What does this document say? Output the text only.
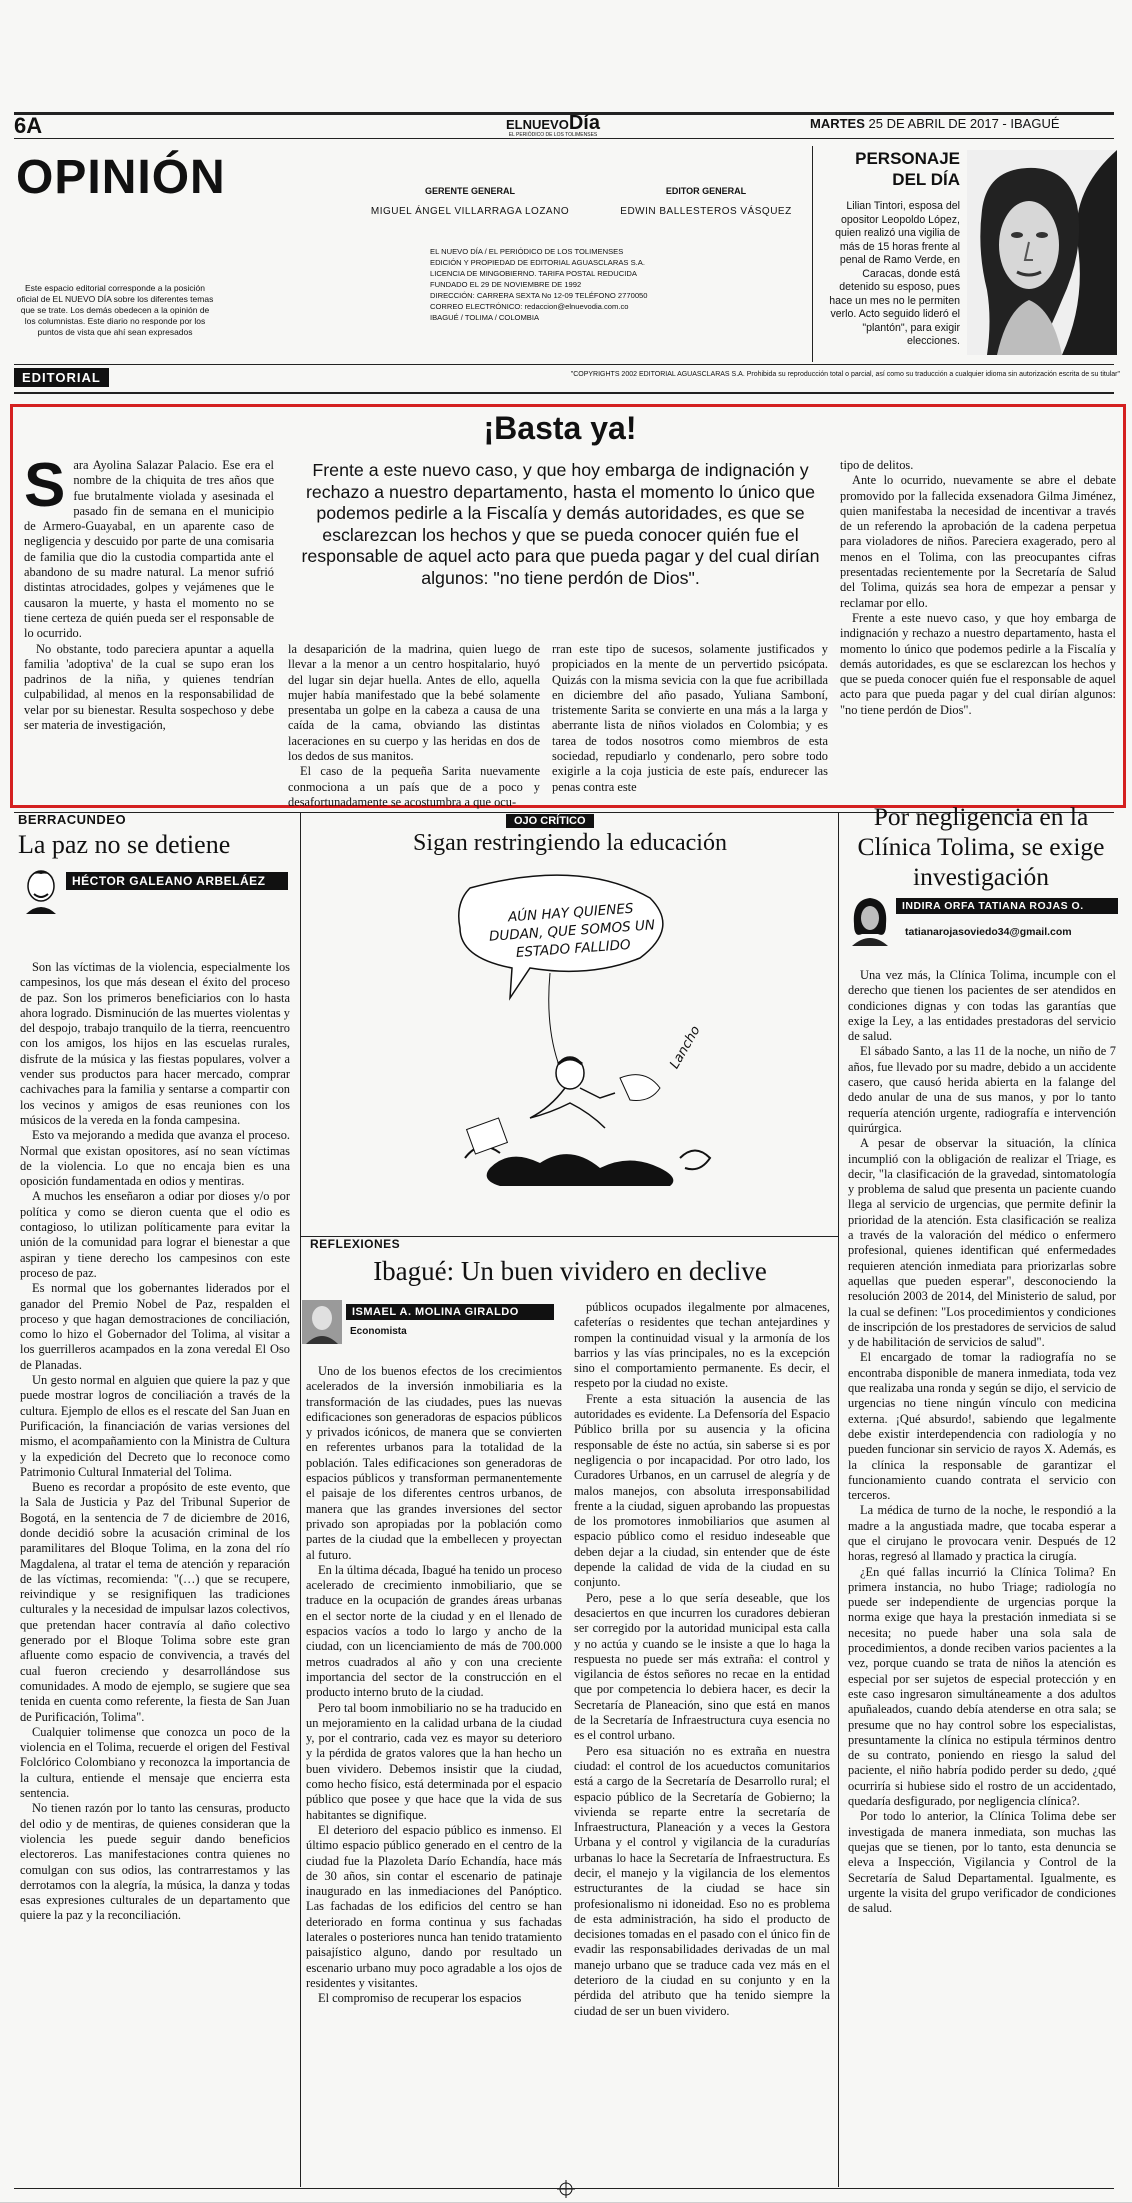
6A	ELNUEVODía
EL PERIÓDICO DE LOS TOLIMENSES
MARTES 25 DE ABRIL DE 2017 - IBAGUÉ
OPINIÓN	GERENTE GENERAL
MIGUEL ÁNGEL VILLARRAGA LOZANO
EDITOR GENERAL
EDWIN BALLESTEROS VÁSQUEZ
Este espacio editorial corresponde a la posición oficial de EL NUEVO DÍA sobre los diferentes temas que se trate. Los demás obedecen a la opinión de los columnistas. Este diario no responde por los puntos de vista que ahí sean expresados
EL NUEVO DÍA / EL PERIÓDICO DE LOS TOLIMENSES
EDICIÓN Y PROPIEDAD DE EDITORIAL AGUASCLARAS S.A.
LICENCIA DE MINGOBIERNO. TARIFA POSTAL REDUCIDA
FUNDADO EL 29 DE NOVIEMBRE DE 1992
DIRECCIÓN: CARRERA SEXTA No 12-09 TELÉFONO 2770050
CORREO ELECTRÓNICO: redaccion@elnuevodia.com.co
IBAGUÉ / TOLIMA / COLOMBIA
PERSONAJE
DEL DÍA
Lilian Tintori, esposa del opositor Leopoldo López, quien realizó una vigilia de más de 15 horas frente al penal de Ramo Verde, en Caracas, donde está detenido su esposo, pues hace un mes no le permiten verlo. Acto seguido lideró el "plantón", para exigir elecciones.
EDITORIAL	"COPYRIGHTS 2002 EDITORIAL AGUASCLARAS S.A. Prohibida su reproducción total o parcial, así como su traducción a cualquier idioma sin autorización escrita de su titular"
¡Basta ya!
Frente a este nuevo caso, y que hoy embarga de indignación y rechazo a nuestro departamento, hasta el momento lo único que podemos pedirle a la Fiscalía y demás autoridades, es que se esclarezcan los hechos y que se pueda conocer quién fue el responsable de aquel acto para que pueda pagar y del cual dirían algunos: "no tiene perdón de Dios".
S ara Ayolina Salazar Palacio. Ese era el nombre de la chiquita de tres años que fue brutalmente violada y asesinada el pasado fin de semana en el municipio de Armero-Guayabal, en un aparente caso de negligencia y descuido por parte de una comisaria de familia que dio la custodia compartida ante el abandono de su madre natural. La menor sufrió distintas atrocidades, golpes y vejámenes que le causaron la muerte, y hasta el momento no se tiene certeza de quién pueda ser el responsable de lo ocurrido.

No obstante, todo pareciera apuntar a aquella familia 'adoptiva' de la cual se supo eran los padrinos de la niña, y quienes tendrían culpabilidad, al menos en la responsabilidad de velar por su bienestar. Resulta sospechoso y debe ser materia de investigación,

la desaparición de la madrina, quien luego de llevar a la menor a un centro hospitalario, huyó del lugar sin dejar huella. Antes de ello, aquella mujer había manifestado que la bebé solamente presentaba un golpe en la cabeza a causa de una caída de la cama, obviando las distintas laceraciones en su cuerpo y las heridas en dos de los dedos de sus manitos.

El caso de la pequeña Sarita nuevamente conmociona a un país que de a poco y desafortunadamente se acostumbra a que ocu-

rran este tipo de sucesos, solamente justificados y propiciados en la mente de un pervertido psicópata. Quizás con la misma sevicia con la que fue acribillada en diciembre del año pasado, Yuliana Samboní, tristemente Sarita se convierte en una más a la larga y aberrante lista de niños violados en Colombia; y es tarea de todos nosotros como miembros de esta sociedad, repudiarlo y condenarlo, pero sobre todo exigirle a la coja justicia de este país, endurecer las penas contra este
tipo de delitos.

Ante lo ocurrido, nuevamente se abre el debate promovido por la fallecida exsenadora Gilma Jiménez, quien manifestaba la necesidad de incentivar a través de un referendo la aprobación de la cadena perpetua para violadores de niños. Pareciera exagerado, pero al menos en el Tolima, con las preocupantes cifras presentadas recientemente por la Secretaría de Salud del Tolima, quizás sea hora de empezar a pensar y reclamar por ello.

Frente a este nuevo caso, y que hoy embarga de indignación y rechazo a nuestro departamento, hasta el momento lo único que podemos pedirle a la Fiscalía y demás autoridades, es que se esclarezcan los hechos y que se pueda conocer quién fue el responsable de aquel acto para que pueda pagar y del cual dirían algunos: "no tiene perdón de Dios".

BERRACUNDEO
La paz no se detiene
HÉCTOR GALEANO ARBELÁEZ

Son las víctimas de la violencia, especialmente los campesinos, los que más desean el éxito del proceso de paz. Son los primeros beneficiarios con lo hasta ahora logrado. Disminución de las muertes violentas y del despojo, trabajo tranquilo de la tierra, reencuentro con los amigos, los hijos en las escuelas rurales, disfrute de la música y las fiestas populares, volver a vender sus productos para hacer mercado, comprar cachivaches para la familia y sentarse a compartir con los vecinos y amigos de esas reuniones con los músicos de la vereda en la fonda campesina.

Esto va mejorando a medida que avanza el proceso. Normal que existan opositores, así no sean víctimas de la violencia. Lo que no encaja bien es una oposición fundamentada en odios y mentiras.

A muchos les enseñaron a odiar por dioses y/o por política y como se dieron cuenta que el odio es contagioso, lo utilizan políticamente para evitar la unión de la comunidad para lograr el bienestar a que aspiran y tiene derecho los campesinos con este proceso de paz.

Es normal que los gobernantes liderados por el ganador del Premio Nobel de Paz, respalden el proceso y que hagan demostraciones de conciliación, como lo hizo el Gobernador del Tolima, al visitar a los guerrilleros acampados en la zona veredal El Oso de Planadas.

Un gesto normal en alguien que quiere la paz y que puede mostrar logros de conciliación a través de la cultura. Ejemplo de ellos es el rescate del San Juan en Purificación, la financiación de varias versiones del mismo, el acompañamiento con la Ministra de Cultura y la expedición del Decreto que lo reconoce como Patrimonio Cultural Inmaterial del Tolima.

Bueno es recordar a propósito de este evento, que la Sala de Justicia y Paz del Tribunal Superior de Bogotá, en la sentencia de 7 de diciembre de 2016, donde decidió sobre la acusación criminal de los paramilitares del Bloque Tolima, en la zona del río Magdalena, al tratar el tema de atención y reparación de las víctimas, recomienda: "(…) que se recupere, reivindique y se resignifiquen las tradiciones culturales y la necesidad de impulsar lazos colectivos, que pretendan hacer contravía al daño colectivo generado por el Bloque Tolima sobre este gran afluente como espacio de convivencia, a través del cual fueron creciendo y desarrollándose sus comunidades. A modo de ejemplo, se sugiere que sea tenida en cuenta como referente, la fiesta de San Juan de Purificación, Tolima".

Cualquier tolimense que conozca un poco de la violencia en el Tolima, recuerde el origen del Festival Folclórico Colombiano y reconozca la importancia de la cultura, entiende el mensaje que encierra esta sentencia.

No tienen razón por lo tanto las censuras, producto del odio y de mentiras, de quienes consideran que la violencia les puede seguir dando beneficios electoreros. Las manifestaciones contra quienes no comulgan con sus odios, las contrarrestamos y las derrotamos con la alegría, la música, la danza y todas esas expresiones culturales de un departamento que quiere la paz y la reconciliación.

OJO CRÍTICO
Sigan restringiendo la educación
AÚN HAY QUIENES DUDAN, QUE SOMOS UN ESTADO FALLIDO
Lancho
REFLEXIONES
Ibagué: Un buen vividero en declive
ISMAEL A. MOLINA GIRALDO
Economista

Uno de los buenos efectos de los crecimientos acelerados de la inversión inmobiliaria es la transformación de las ciudades, pues las nuevas edificaciones son generadoras de espacios públicos y privados icónicos, de manera que se convierten en referentes urbanos para la totalidad de la población. Tales edificaciones son generadoras de espacios públicos y transforman permanentemente el paisaje de los diferentes centros urbanos, de manera que las grandes inversiones del sector privado son apropiadas por la población como partes de la ciudad que la embellecen y proyectan al futuro.

En la última década, Ibagué ha tenido un proceso acelerado de crecimiento inmobiliario, que se traduce en la ocupación de grandes áreas urbanas en el sector norte de la ciudad y en el llenado de espacios vacíos a todo lo largo y ancho de la ciudad, con un licenciamiento de más de 700.000 metros cuadrados al año y con una creciente importancia del sector de la construcción en el producto interno bruto de la ciudad.

Pero tal boom inmobiliario no se ha traducido en un mejoramiento en la calidad urbana de la ciudad y, por el contrario, cada vez es mayor su deterioro y la pérdida de gratos valores que la han hecho un buen vividero. Debemos insistir que la ciudad, como hecho físico, está determinada por el espacio público que posee y que hace que la vida de sus habitantes se dignifique.

El deterioro del espacio público es inmenso. El último espacio público generado en el centro de la ciudad fue la Plazoleta Darío Echandía, hace más de 30 años, sin contar el escenario de patinaje inaugurado en las inmediaciones del Panóptico. Las fachadas de los edificios del centro se han deteriorado en forma continua y sus fachadas laterales o posteriores nunca han tenido tratamiento paisajístico alguno, dando por resultado un escenario urbano muy poco agradable a los ojos de residentes y visitantes.

El compromiso de recuperar los espacios

públicos ocupados ilegalmente por almacenes, cafeterías o residentes que techan antejardines y rompen la continuidad visual y la armonía de los barrios y las vías principales, no es la excepción sino el comportamiento permanente. Es decir, el respeto por la ciudad no existe.

Frente a esta situación la ausencia de las autoridades es evidente. La Defensoría del Espacio Público brilla por su ausencia y la oficina responsable de éste no actúa, sin saberse si es por negligencia o por incapacidad. Por otro lado, los Curadores Urbanos, en un carrusel de alegría y de malos manejos, con absoluta irresponsabilidad frente a la ciudad, siguen aprobando las propuestas de los promotores inmobiliarios que asumen al espacio público como el residuo indeseable que deben dejar a la ciudad, sin entender que de éste depende la calidad de vida de la ciudad en su conjunto.

Pero, pese a lo que sería deseable, que los desaciertos en que incurren los curadores debieran ser corregido por la autoridad municipal esta calla y no actúa y cuando se le insiste a que lo haga la respuesta no puede ser más extraña: el control y vigilancia de éstos señores no recae en la entidad que por competencia lo debiera hacer, es decir la Secretaría de Planeación, sino que está en manos de la Secretaría de Infraestructura cuya esencia no es el control urbano.

Pero esa situación no es extraña en nuestra ciudad: el control de los acueductos comunitarios está a cargo de la Secretaría de Desarrollo rural; el espacio público de la Secretaría de Gobierno; la vivienda se reparte entre la secretaría de Infraestructura, Planeación y a veces la Gestora Urbana y el control y vigilancia de la curadurías urbanas lo hace la Secretaría de Infraestructura. Es decir, el manejo y la vigilancia de los elementos estructurantes de la ciudad se hace sin profesionalismo ni idoneidad. Eso no es problema de esta administración, ha sido el producto de decisiones tomadas en el pasado con el único fin de evadir las responsabilidades derivadas de un mal manejo urbano que se traduce cada vez más en el deterioro de la ciudad en su conjunto y en la pérdida del atributo que ha tenido siempre la ciudad de ser un buen vividero.

Por negligencia en la Clínica Tolima, se exige investigación
INDIRA ORFA TATIANA ROJAS O.
tatianarojasoviedo34@gmail.com

Una vez más, la Clínica Tolima, incumple con el derecho que tienen los pacientes de ser atendidos en condiciones dignas y con todas las garantías que exige la Ley, a las entidades prestadoras del servicio de salud.

El sábado Santo, a las 11 de la noche, un niño de 7 años, fue llevado por su madre, debido a un accidente casero, que causó herida abierta en la falange del dedo anular de una de sus manos, y por lo tanto requería atención urgente, radiografía e intervención quirúrgica.

A pesar de observar la situación, la clínica incumplió con la obligación de realizar el Triage, es decir, "la clasificación de la gravedad, sintomatología y problema de salud que presenta un paciente cuando llega al servicio de urgencias, que permite definir la prioridad de la atención. Esta clasificación se realiza a través de la valoración del médico o enfermero profesional, quienes identifican qué enfermedades requieren atención inmediata para priorizarlas sobre aquellas que pueden esperar", desconociendo la resolución 2003 de 2014, del Ministerio de salud, por la cual se definen: "Los procedimientos y condiciones de inscripción de los prestadores de servicios de salud y de habilitación de servicios de salud".

El encargado de tomar la radiografía no se encontraba disponible de manera inmediata, toda vez que realizaba una ronda y según se dijo, el servicio de urgencias no tiene ningún vínculo con medicina externa. ¡Qué absurdo!, sabiendo que legalmente debe existir interdependencia con radiología y no pueden funcionar sin servicio de rayos X. Además, es la clínica la responsable de garantizar el funcionamiento cuando contrata el servicio con terceros.

La médica de turno de la noche, le respondió a la madre a la angustiada madre, que tocaba esperar a que el cirujano le provocara venir. Después de 12 horas, regresó al llamado y practica la cirugía.

¿En qué fallas incurrió la Clínica Tolima? En primera instancia, no hubo Triage; radiología no puede ser independiente de urgencias porque la norma exige que haya la prestación inmediata si se necesita; no puede haber una sola sala de procedimientos, a donde reciben varios pacientes a la vez, porque cuando se trata de niños la atención es especial por ser sujetos de especial protección y en este caso ingresaron simultáneamente a dos adultos apuñaleados, cuando debía atenderse en otra sala; se presume que no hay control sobre los especialistas, presuntamente la clínica no estipula términos dentro de su contrato, poniendo en riesgo la salud del paciente, el niño habría podido perder su dedo, ¿qué ocurriría si hubiese sido el rostro de un accidentado, quedaría desfigurado, por negligencia clínica?.

Por todo lo anterior, la Clínica Tolima debe ser investigada de manera inmediata, son muchas las quejas que se tienen, por lo tanto, esta denuncia se eleva a Inspección, Vigilancia y Control de la Secretaría de Salud Departamental. Igualmente, es urgente la visita del grupo verificador de condiciones de salud.
